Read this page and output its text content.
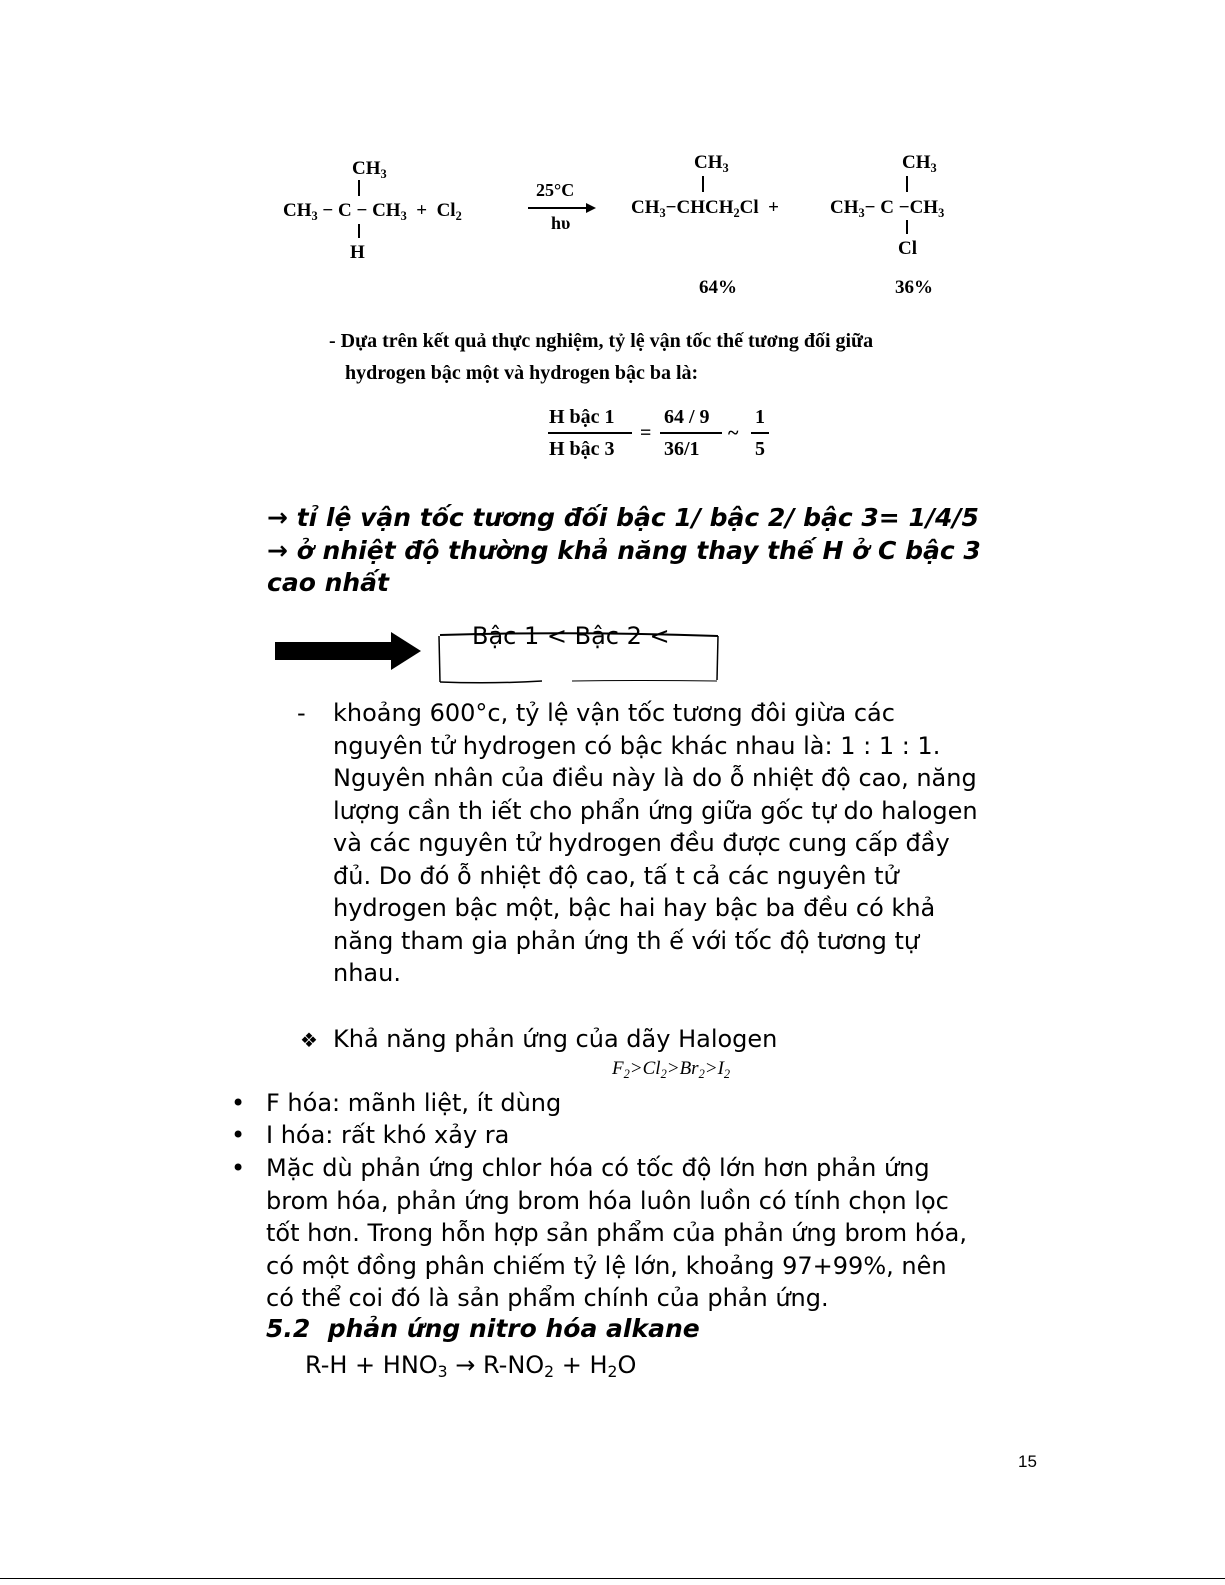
$CH_3$
$CH_3 - C - CH_3 + Cl_2$
H
25°C
hυ
$CH_3$
$CH_3-CHCH_2Cl$ +
$CH_3$
$CH_3- C -CH_3$
Cl
64%	36%
- Dựa trên kết quả thực nghiệm, tỷ lệ vận tốc thế tương đối giữa
hydrogen bậc một và hydrogen bậc ba là:
H bậc 1
H bậc 3
=
64 / 9
36/1
~
1
5
→ tỉ lệ vận tốc tương đối bậc 1/ bậc 2/ bậc 3= 1/4/5
→ ở nhiệt độ thường khả năng thay thế H ở C bậc 3
cao nhất
Bậc 1 < Bậc 2 <
- khoảng 600°c, tỷ lệ vận tốc tương đôi giừa các
nguyên tử hydrogen có bậc khác nhau là: 1 : 1 : 1.
Nguyên nhân của điều này là do ỗ nhiệt độ cao, năng
lượng cần th iết cho phẩn ứng giữa gốc tự do halogen
và các nguyên tử hydrogen đều được cung cấp đầy
đủ. Do đó ỗ nhiệt độ cao, tấ t cả các nguyên tử
hydrogen bậc một, bậc hai hay bậc ba đều có khả
năng tham gia phản ứng th ế với tốc độ tương tự
nhau.
❖ Khả năng phản ứng của dãy Halogen
$F_2>Cl_2>Br_2>I_2$
• F hóa: mãnh liệt, ít dùng
• I hóa: rất khó xảy ra
• Mặc dù phản ứng chlor hóa có tốc độ lớn hơn phản ứng
brom hóa, phản ứng brom hóa luôn luồn có tính chọn lọc
tốt hơn. Trong hỗn hợp sản phẩm của phản ứng brom hóa,
có một đồng phân chiếm tỷ lệ lớn, khoảng 97+99%, nên
có thể coi đó là sản phẩm chính của phản ứng.
5.2 phản ứng nitro hóa alkane
$R-H + HNO_3 \to R-NO_2 + H_2O$
15
